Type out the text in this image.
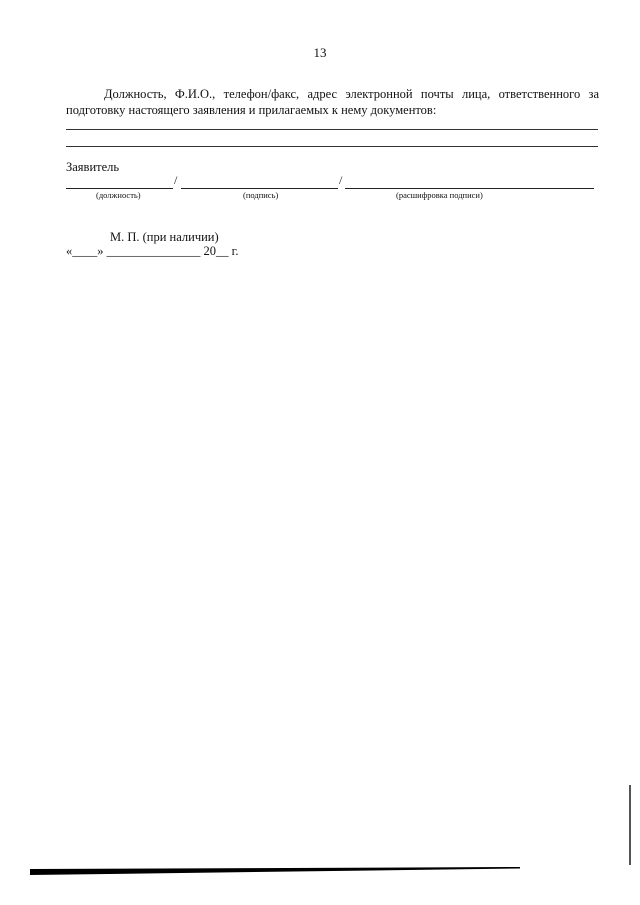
13
Должность, Ф.И.О., телефон/факс, адрес электронной почты лица, ответственного за подготовку настоящего заявления и прилагаемых к нему документов:
Заявитель
/	/
(должность)	(подпись)	(расшифровка подписи)
М. П. (при наличии)
«____» _______________ 20__ г.
